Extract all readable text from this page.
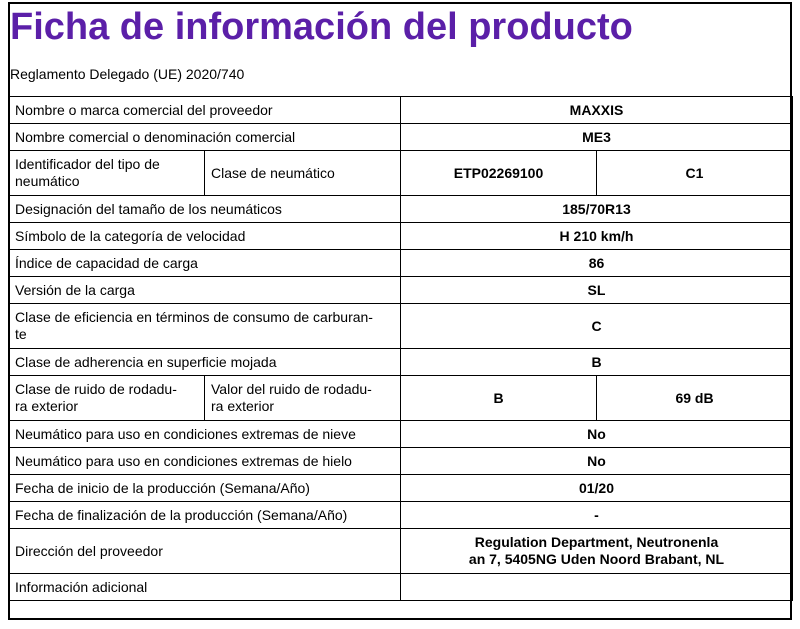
Ficha de información del producto
Reglamento Delegado (UE) 2020/740
Nombre o marca comercial del proveedor		MAXXIS	
Nombre comercial o denominación comercial		ME3	

Identificador del tipo de
neumático	Clase de neumático	ETP02269100	C1
Designación del tamaño de los neumáticos		185/70R13	
Símbolo de la categoría de velocidad		H 210 km/h	
Índice de capacidad de carga		86	
Versión de la carga		SL	

Clase de eficiencia en términos de consumo de carburan-
te		C	
Clase de adherencia en superficie mojada		B	

Clase de ruido de rodadu-
ra exterior	Valor del ruido de rodadu-
ra exterior	B	69 dB
Neumático para uso en condiciones extremas de nieve		No	
Neumático para uso en condiciones extremas de hielo		No	
Fecha de inicio de la producción (Semana/Año)		01/20	
Fecha de finalización de la producción (Semana/Año)		-	
Dirección del proveedor		Regulation Department, Neutronenla
an 7, 5405NG Uden Noord Brabant, NL	

Información adicional			
